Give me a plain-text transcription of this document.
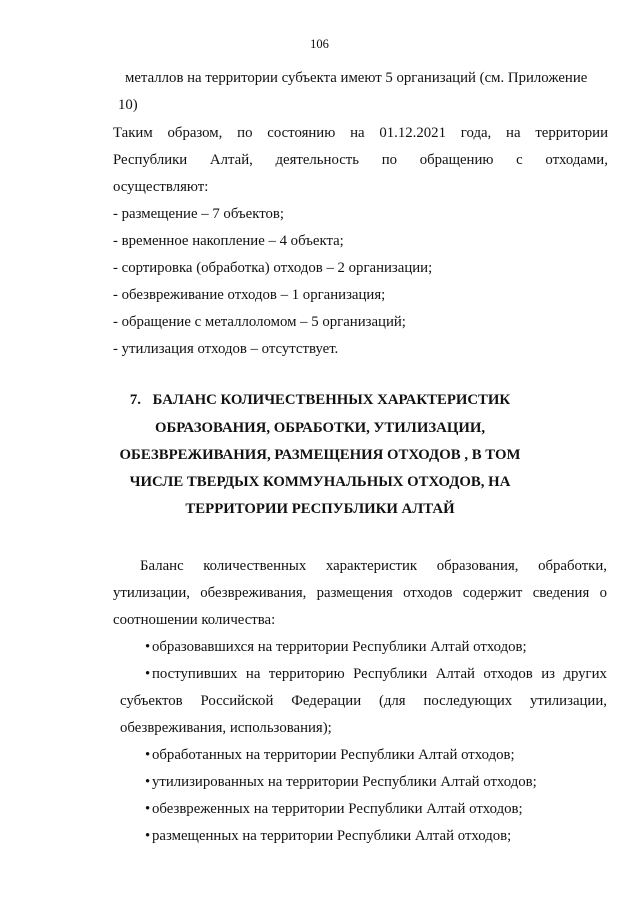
106
металлов на территории субъекта имеют 5 организаций (см. Приложение
10)
Таким образом, по состоянию на 01.12.2021 года, на территории
Республики Алтай, деятельность по обращению с отходами,
осуществляют:
- размещение – 7 объектов;
- временное накопление – 4 объекта;
- сортировка (обработка) отходов – 2 организации;
- обезвреживание отходов – 1 организация;
- обращение с металлоломом – 5 организаций;
- утилизация отходов – отсутствует.
7. БАЛАНС КОЛИЧЕСТВЕННЫХ ХАРАКТЕРИСТИК
ОБРАЗОВАНИЯ, ОБРАБОТКИ, УТИЛИЗАЦИИ,
ОБЕЗВРЕЖИВАНИЯ, РАЗМЕЩЕНИЯ ОТХОДОВ , В ТОМ
ЧИСЛЕ ТВЕРДЫХ КОММУНАЛЬНЫХ ОТХОДОВ, НА
ТЕРРИТОРИИ РЕСПУБЛИКИ АЛТАЙ
Баланс количественных характеристик образования, обработки,
утилизации, обезвреживания, размещения отходов содержит сведения о
соотношении количества:
• образовавшихся на территории Республики Алтай отходов;
• поступивших на территорию Республики Алтай отходов из других
субъектов Российской Федерации (для последующих утилизации,
обезвреживания, использования);
• обработанных на территории Республики Алтай отходов;
• утилизированных на территории Республики Алтай отходов;
• обезвреженных на территории Республики Алтай отходов;
• размещенных на территории Республики Алтай отходов;
